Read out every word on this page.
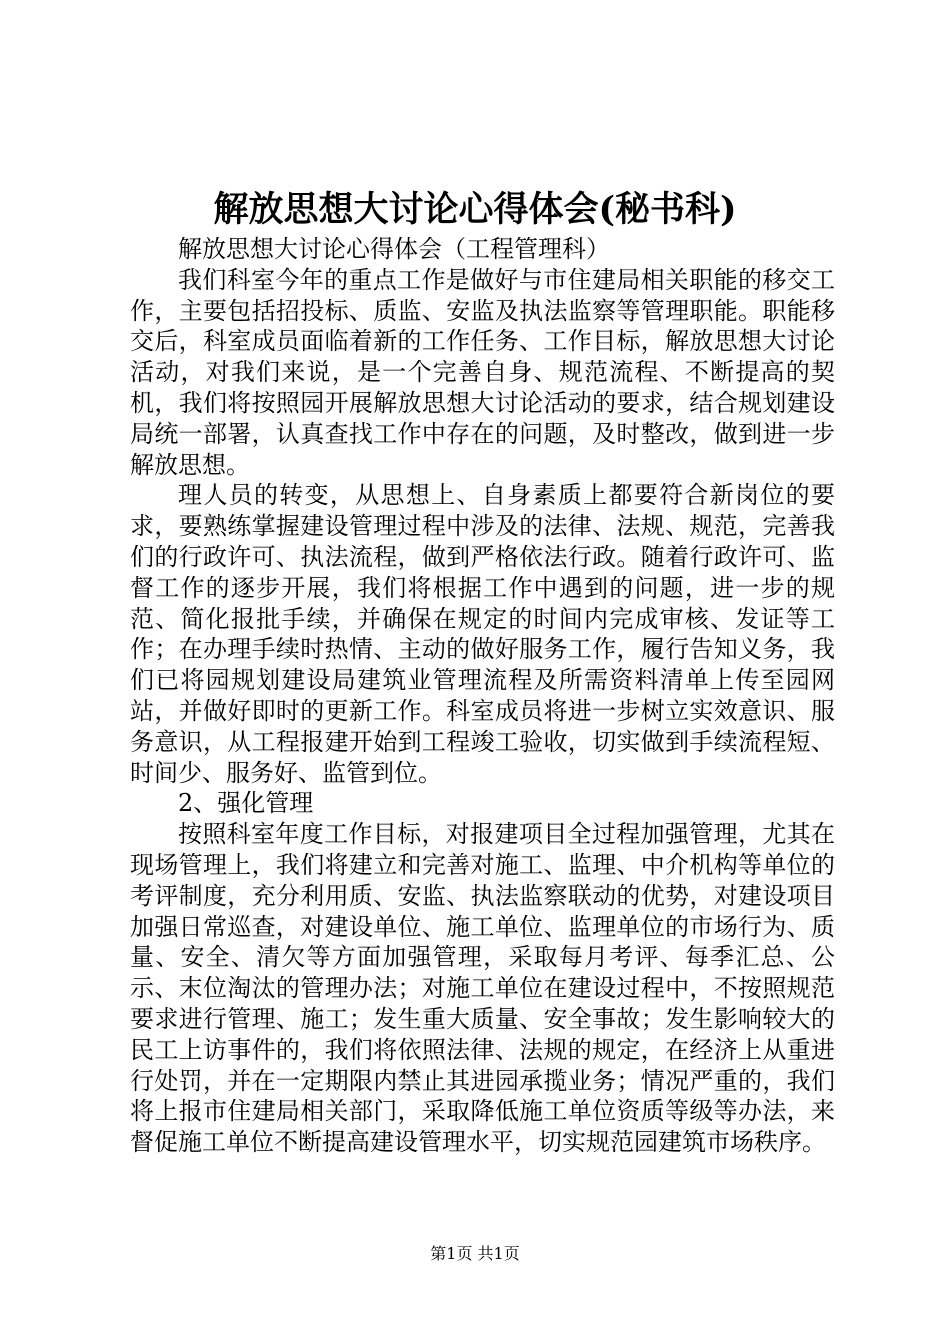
解放思想大讨论心得体会(秘书科)

解放思想大讨论心得体会（工程管理科）

我们科室今年的重点工作是做好与市住建局相关职能的移交工作，主要包括招投标、质监、安监及执法监察等管理职能。职能移交后，科室成员面临着新的工作任务、工作目标，解放思想大讨论活动，对我们来说，是一个完善自身、规范流程、不断提高的契机，我们将按照园开展解放思想大讨论活动的要求，结合规划建设局统一部署，认真查找工作中存在的问题，及时整改，做到进一步解放思想。

理人员的转变，从思想上、自身素质上都要符合新岗位的要求，要熟练掌握建设管理过程中涉及的法律、法规、规范，完善我们的行政许可、执法流程，做到严格依法行政。随着行政许可、监督工作的逐步开展，我们将根据工作中遇到的问题，进一步的规范、简化报批手续，并确保在规定的时间内完成审核、发证等工作；在办理手续时热情、主动的做好服务工作，履行告知义务，我们已将园规划建设局建筑业管理流程及所需资料清单上传至园网站，并做好即时的更新工作。科室成员将进一步树立实效意识、服务意识，从工程报建开始到工程竣工验收，切实做到手续流程短、时间少、服务好、监管到位。

2、强化管理

按照科室年度工作目标，对报建项目全过程加强管理，尤其在现场管理上，我们将建立和完善对施工、监理、中介机构等单位的考评制度，充分利用质、安监、执法监察联动的优势，对建设项目加强日常巡查，对建设单位、施工单位、监理单位的市场行为、质量、安全、清欠等方面加强管理，采取每月考评、每季汇总、公示、末位淘汰的管理办法；对施工单位在建设过程中，不按照规范要求进行管理、施工；发生重大质量、安全事故；发生影响较大的民工上访事件的，我们将依照法律、法规的规定，在经济上从重进行处罚，并在一定期限内禁止其进园承揽业务；情况严重的，我们将上报市住建局相关部门，采取降低施工单位资质等级等办法，来督促施工单位不断提高建设管理水平，切实规范园建筑市场秩序。

第1页 共1页
